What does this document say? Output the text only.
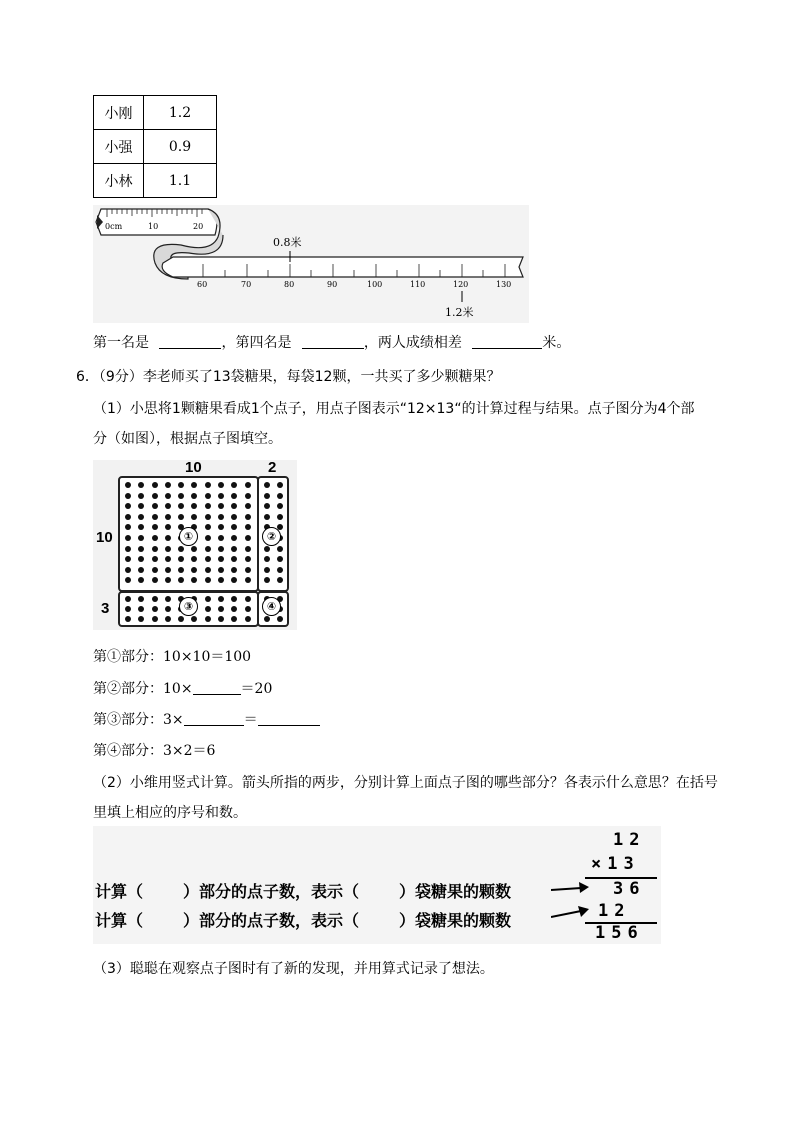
小刚	1.2
小强	0.9
小林	1.1
0cm	10	20
60	70	80	90	100	110	120	130
0.8米
1.2米
第一名是	，第四名是	，两人成绩相差	米。
6．（9分）李老师买了13袋糖果，每袋12颗，一共买了多少颗糖果？
（1）小思将1颗糖果看成1个点子，用点子图表示“12×13“的计算过程与结果。点子图分为4个部
分（如图），根据点子图填空。
10	2
10
3
①	②
③	④
第①部分：10×10＝100
第②部分：10×	＝20
第③部分：3×	＝
第④部分：3×2＝6
（2）小维用竖式计算。箭头所指的两步，分别计算上面点子图的哪些部分？各表示什么意思？在括号
里填上相应的序号和数。
12
×13
36
12
156
计算（	）部分的点子数，表示（	）袋糖果的颗数
计算（	）部分的点子数，表示（	）袋糖果的颗数
（3）聪聪在观察点子图时有了新的发现，并用算式记录了想法。
